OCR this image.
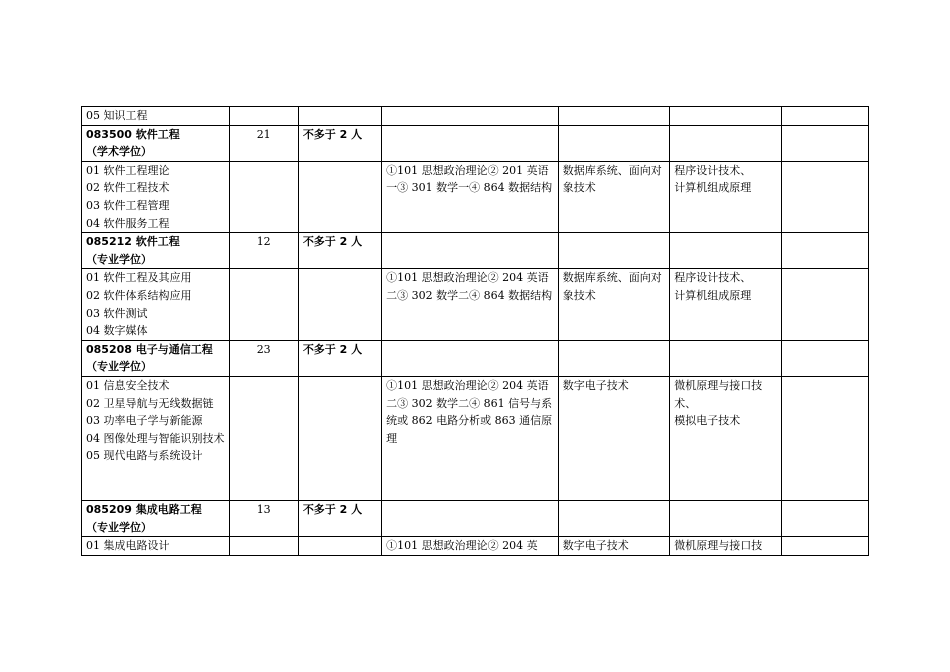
05 知识工程						
083500 软件工程
（学术学位）	21	不多于 2 人				
01 软件工程理论
02 软件工程技术
03 软件工程管理
04 软件服务工程			①101 思想政治理论② 201 英语一③ 301 数学一④ 864 数据结构	数据库系统、面向对象技术	程序设计技术、
计算机组成原理	
085212 软件工程
（专业学位）	12	不多于 2 人				
01 软件工程及其应用
02 软件体系结构应用
03 软件测试
04 数字媒体			①101 思想政治理论② 204 英语二③ 302 数学二④ 864 数据结构	数据库系统、面向对象技术	程序设计技术、
计算机组成原理	
085208 电子与通信工程
（专业学位）	23	不多于 2 人				
01 信息安全技术
02 卫星导航与无线数据链
03 功率电子学与新能源
04 图像处理与智能识别技术
05 现代电路与系统设计			①101 思想政治理论② 204 英语二③ 302 数学二④ 861 信号与系统或 862 电路分析或 863 通信原理	数字电子技术	微机原理与接口技术、
模拟电子技术	
085209 集成电路工程
（专业学位）	13	不多于 2 人				
01 集成电路设计			①101 思想政治理论② 204 英	数字电子技术	微机原理与接口技	
